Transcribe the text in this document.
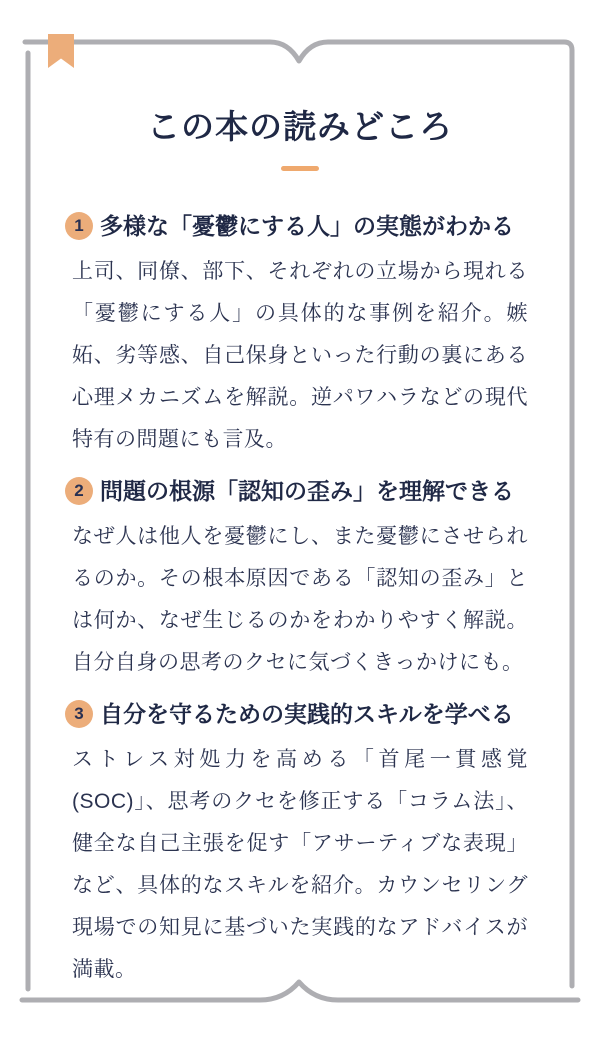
この本の読みどころ
1 多様な「憂鬱にする人」の実態がわかる

上司、同僚、部下、それぞれの立場から現れる「憂鬱にする人」の具体的な事例を紹介。嫉妬、劣等感、自己保身といった行動の裏にある心理メカニズムを解説。逆パワハラなどの現代特有の問題にも言及。

2 問題の根源「認知の歪み」を理解できる

なぜ人は他人を憂鬱にし、また憂鬱にさせられるのか。その根本原因である「認知の歪み」とは何か、なぜ生じるのかをわかりやすく解説。自分自身の思考のクセに気づくきっかけにも。

3 自分を守るための実践的スキルを学べる

ストレス対処力を高める「首尾一貫感覚 (SOC)」、思考のクセを修正する「コラム法」、健全な自己主張を促す「アサーティブな表現」など、具体的なスキルを紹介。カウンセリング現場での知見に基づいた実践的なアドバイスが満載。
